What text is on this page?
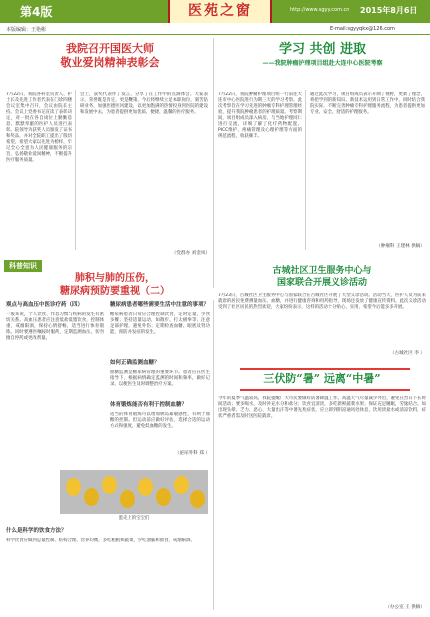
第4版	医苑之窗	http://www.sgyy.com.cn 2015年8月6日
本版编辑：王艳彬	E-mail:sgyyqkx@126.com
我院召开国医大师
敬业爱岗精神表彰会
7月22日，我院各科室负责人、护士长及先进工作者代表在门诊四楼会议室集中召开，会议由院长主持。会议上党委书记宣读了表彰决定，对一批在各自岗位上勤勤恳恳、默默奉献的医护人员进行表彰。院领导为获奖人员颁发了证书和奖品，并对全院职工提出了殷切希望，希望大家以先进为榜样，牢记全心全意为人民健康服务的宗旨，弘扬敬业爱岗精神，不断提升医疗服务质量。
会上，获奖代表作了发言，分享了在工作中的点滴体会。大家表示，荣誉既是肯定，更是鞭策，今后将继续立足本职岗位，刻苦钻研业务，加强医德医风建设，以更加饱满的热情投身到医院的建设和发展中去，为患者提供更加优质、便捷、温馨的医疗服务。
（党群办 刘金凤）
学习 共创 进取
——我院肿瘤护理项目组赴大连中心医院考察
7月22日，我院肿瘤护理项目组一行前往大连市中心医院进行为期三天的学习考察。此次考察旨在学习先进的肿瘤专科护理管理经验，提升我院肿瘤患者的护理质量。考察期间，项目组成员深入病房，与当地护理同仁进行交流，详细了解了化疗药物配置、PICC维护、疼痛管理及心理护理等方面的规范流程，收获颇丰。
通过此次学习，项目组成员表示开阔了视野，更新了理念，将把学到的新知识、新技术运用到日常工作中，同时结合我院实际，不断完善肿瘤专科护理服务流程，为患者提供更加专业、安全、舒适的护理服务。
（肿瘤科 王建林 供稿）
古城社区卫生服务中心与
国家联合开展义诊活动
7月23日，古城社区卫生服务中心与国家联合在古城社区开展了大型义诊活动。活动当天，医护人员为前来就诊的居民免费测量血压、血糖，并进行健康咨询和用药指导，现场还发放了健康宣传资料。此次义诊活动受到了社区居民的热烈欢迎，大家纷纷表示，这样的活动十分贴心、实用，希望今后能多多开展。
（古城社区 李 ）
三伏防“暑” 远离“中暑”
今年的夏季气温较高，我院提醒广大市民要做好防暑降温工作。高温天气尽量减少外出，避免在烈日下长时间活动；要多喝水，及时补充水分和盐分；饮食宜清淡，多吃新鲜蔬菜水果；保证充足睡眠，劳逸结合。如出现头晕、乏力、恶心、大量出汗等中暑先兆症状，应立即到阴凉通风处休息，饮用淡盐水或清凉饮料，症状严重者需及时送医院就诊。
（办公室 王 供稿）
科普知识
肺积与肺的压伤，
糖尿病预防要重视（二）
观点与高血压中医诊疗药（四）
一般来说，个人饮食、作息习惯与疾病的发生有密切关系。高血压患者应注意低盐低脂饮食，控制体重，戒烟限酒，保持心情舒畅，适当进行体育锻炼。同时要遵医嘱按时服药，定期监测血压，切勿擅自停药或更改剂量。
糖尿病患者哪些需要生活中注意的事项？
糖尿病患者日常应合理控制饮食，定时定量，少食多餐；坚持适量运动，如散步、打太极拳等；注意足部护理，避免外伤；定期检查血糖、眼底及肾功能，预防并发症的发生。
如何正确监测血糖？
血糖监测是糖尿病管理的重要环节。患者应在医生指导下，根据病情确定监测的时间和频率，做好记录，以便医生及时调整治疗方案。
体育锻炼能否有利于控制血糖？
适当的体育锻炼可以增加胰岛素敏感性，有利于血糖的控制。但运动前应做好评估，选择合适的运动方式和强度，避免低血糖的发生。
（泌尿外科 郑 ）
蛋壳上的宝宝们
什么是科学的饮食方法？
科学饮食应做到总量控制、结构合理、营养均衡，多吃粗粮和蔬菜，少吃油腻和甜食，戒烟限酒。
